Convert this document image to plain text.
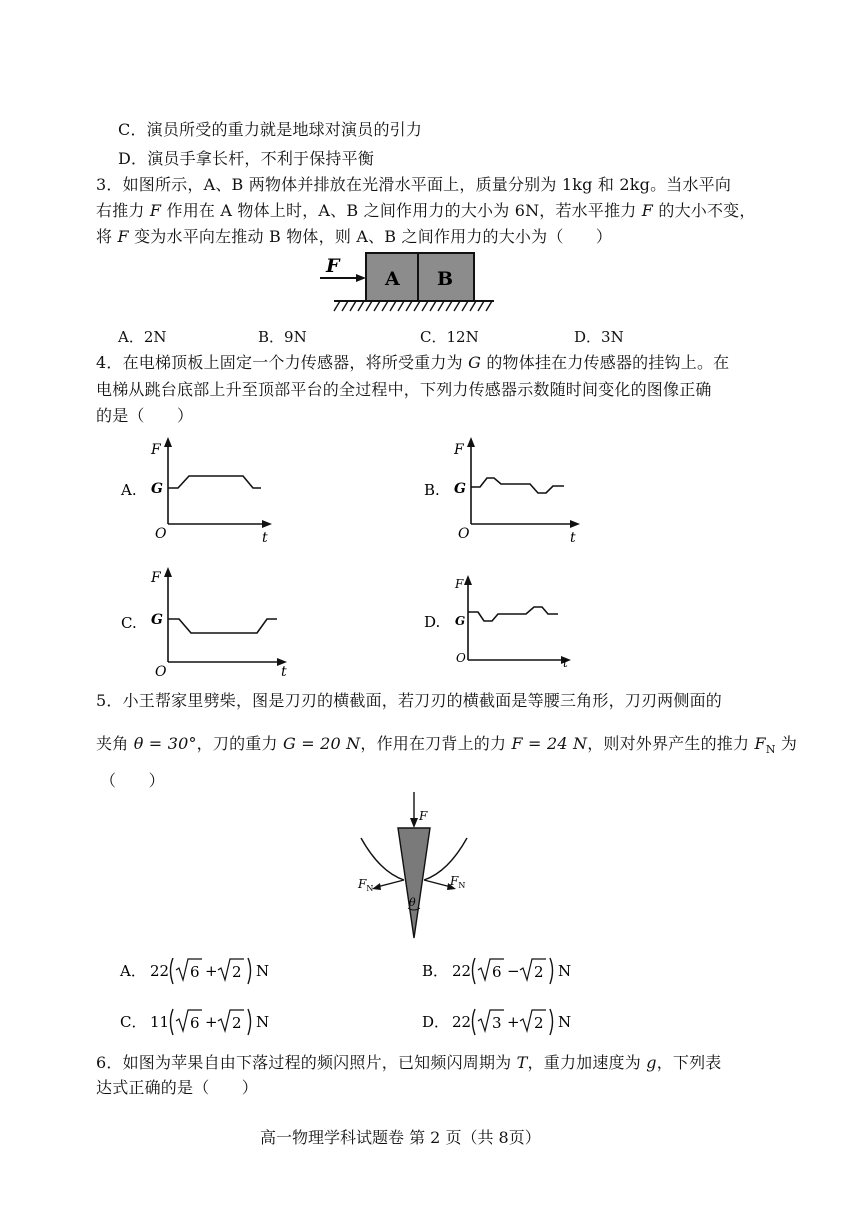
C．演员所受的重力就是地球对演员的引力
D．演员手拿长杆，不利于保持平衡
3．如图所示，A、B 两物体并排放在光滑水平面上，质量分别为 1kg 和 2kg。当水平向
右推力 F 作用在 A 物体上时，A、B 之间作用力的大小为 6N，若水平推力 F 的大小不变，
将 F 变为水平向左推动 B 物体，则 A、B 之间作用力的大小为（　　）
F
A B
A．2N	B．9N	C．12N	D．3N
4．在电梯顶板上固定一个力传感器，将所受重力为 G 的物体挂在力传感器的挂钩上。在
电梯从跳台底部上升至顶部平台的全过程中，下列力传感器示数随时间变化的图像正确
的是（　　）
A.
F
G
O	t
B.
F
G
O	t
C.
F
G
O	t
D.
F
G
O	t
5．小王帮家里劈柴，图是刀刃的横截面，若刀刃的横截面是等腰三角形，刀刃两侧面的
夹角 θ = 30°，刀的重力 G = 20 N，作用在刀背上的力 F = 24 N，则对外界产生的推力 $F_N$ 为
（　　）
F
$F_N$
$F_N$
θ
A． 22 6 + 2 N	B． 22 6 − 2 N
C． 11 6 + 2 N	D． 22 3 + 2 N
6．如图为苹果自由下落过程的频闪照片，已知频闪周期为 T，重力加速度为 g，下列表
达式正确的是（　　）
高一物理学科试题卷 第 2 页（共 8页）
